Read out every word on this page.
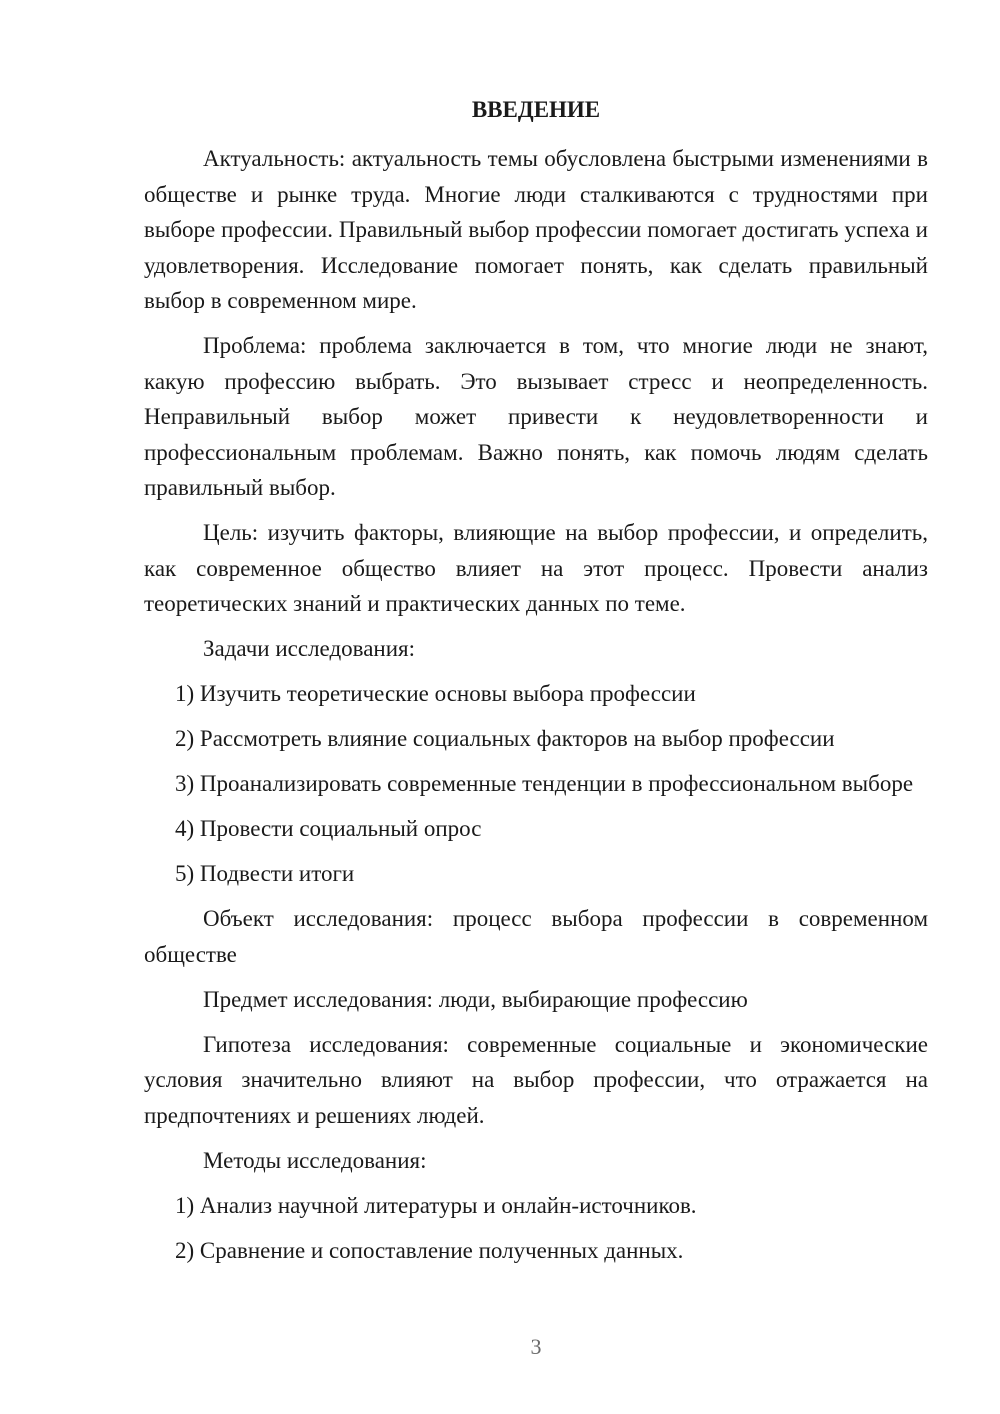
ВВЕДЕНИЕ

Актуальность: актуальность темы обусловлена быстрыми изменениями в обществе и рынке труда. Многие люди сталкиваются с трудностями при выборе профессии. Правильный выбор профессии помогает достигать успеха и удовлетворения. Исследование помогает понять, как сделать правильный выбор в современном мире.

Проблема: проблема заключается в том, что многие люди не знают, какую профессию выбрать. Это вызывает стресс и неопределенность. Неправильный выбор может привести к неудовлетворенности и профессиональным проблемам. Важно понять, как помочь людям сделать правильный выбор.

Цель: изучить факторы, влияющие на выбор профессии, и определить, как современное общество влияет на этот процесс. Провести анализ теоретических знаний и практических данных по теме.

Задачи исследования:

1) Изучить теоретические основы выбора профессии

2) Рассмотреть влияние социальных факторов на выбор профессии

3) Проанализировать современные тенденции в профессиональном выборе

4) Провести социальный опрос

5) Подвести итоги

Объект исследования: процесс выбора профессии в современном обществе

Предмет исследования: люди, выбирающие профессию

Гипотеза исследования: современные социальные и экономические условия значительно влияют на выбор профессии, что отражается на предпочтениях и решениях людей.

Методы исследования:

1) Анализ научной литературы и онлайн-источников.

2) Сравнение и сопоставление полученных данных.

3
